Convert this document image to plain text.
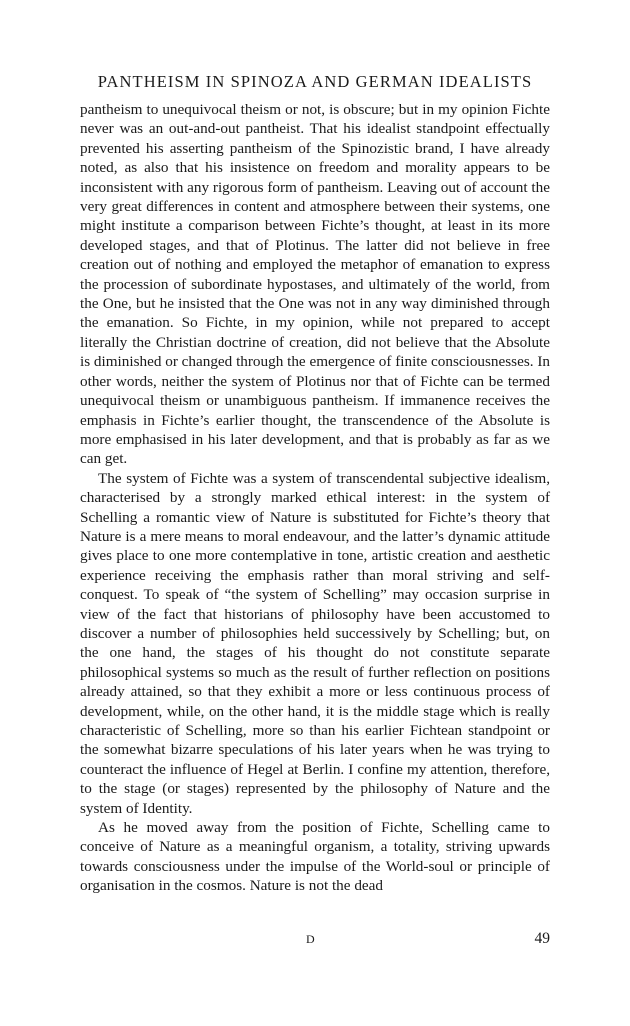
PANTHEISM IN SPINOZA AND GERMAN IDEALISTS

pantheism to unequivocal theism or not, is obscure; but in my opinion Fichte never was an out-and-out pantheist. That his idealist standpoint effectually prevented his asserting pantheism of the Spinozistic brand, I have already noted, as also that his insistence on freedom and morality appears to be inconsistent with any rigorous form of pantheism. Leaving out of account the very great differences in content and atmosphere between their systems, one might institute a comparison between Fichte’s thought, at least in its more developed stages, and that of Plotinus. The latter did not believe in free creation out of nothing and employed the metaphor of emanation to express the procession of subordinate hypostases, and ultimately of the world, from the One, but he insisted that the One was not in any way diminished through the emanation. So Fichte, in my opinion, while not prepared to accept literally the Christian doctrine of creation, did not believe that the Absolute is diminished or changed through the emergence of finite consciousnesses. In other words, neither the system of Plotinus nor that of Fichte can be termed unequivocal theism or unambiguous pantheism. If immanence receives the emphasis in Fichte’s earlier thought, the transcendence of the Absolute is more emphasised in his later development, and that is probably as far as we can get.

The system of Fichte was a system of transcendental subjective idealism, characterised by a strongly marked ethical interest: in the system of Schelling a romantic view of Nature is substituted for Fichte’s theory that Nature is a mere means to moral endeavour, and the latter’s dynamic attitude gives place to one more contemplative in tone, artistic creation and aesthetic experience receiving the emphasis rather than moral striving and self-conquest. To speak of “the system of Schelling” may occasion surprise in view of the fact that historians of philosophy have been accustomed to discover a number of philosophies held successively by Schelling; but, on the one hand, the stages of his thought do not constitute separate philosophical systems so much as the result of further reflection on positions already attained, so that they exhibit a more or less continuous process of development, while, on the other hand, it is the middle stage which is really characteristic of Schelling, more so than his earlier Fichtean standpoint or the somewhat bizarre speculations of his later years when he was trying to counteract the influence of Hegel at Berlin. I confine my attention, therefore, to the stage (or stages) represented by the philosophy of Nature and the system of Identity.

As he moved away from the position of Fichte, Schelling came to conceive of Nature as a meaningful organism, a totality, striving upwards towards consciousness under the impulse of the World-soul or principle of organisation in the cosmos. Nature is not the dead

D	49
